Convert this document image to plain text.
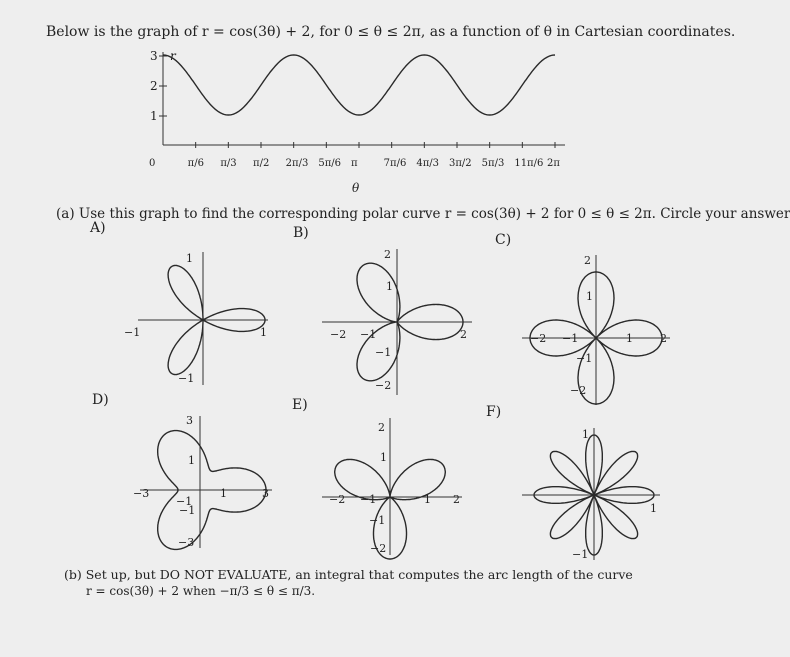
Below is the graph of r = cos(3θ) + 2, for 0 ≤ θ ≤ 2π, as a function of θ in Cartesian coordinates.
1
2
3 r
0	π/6 π/3 π/2 2π/3 5π/6 π	7π/6 4π/3 3π/2 5π/3 11π/6 2π
θ
(a) Use this graph to find the corresponding polar curve r = cos(3θ) + 2 for 0 ≤ θ ≤ 2π. Circle your answer
A)	B)	C)
D)	E)	F)
−1	1
1
−1
−2 −1	2
2
1
−1
−2
−2 −1	1 2
2
1
−1
−2
−3
−1
1	3
3
1
−1
−3
−2 −1	1 2
2
1
−1
−2
1
1
−1
(b) Set up, but DO NOT EVALUATE, an integral that computes the arc length of the curve
r = cos(3θ) + 2 when −π/3 ≤ θ ≤ π/3.
